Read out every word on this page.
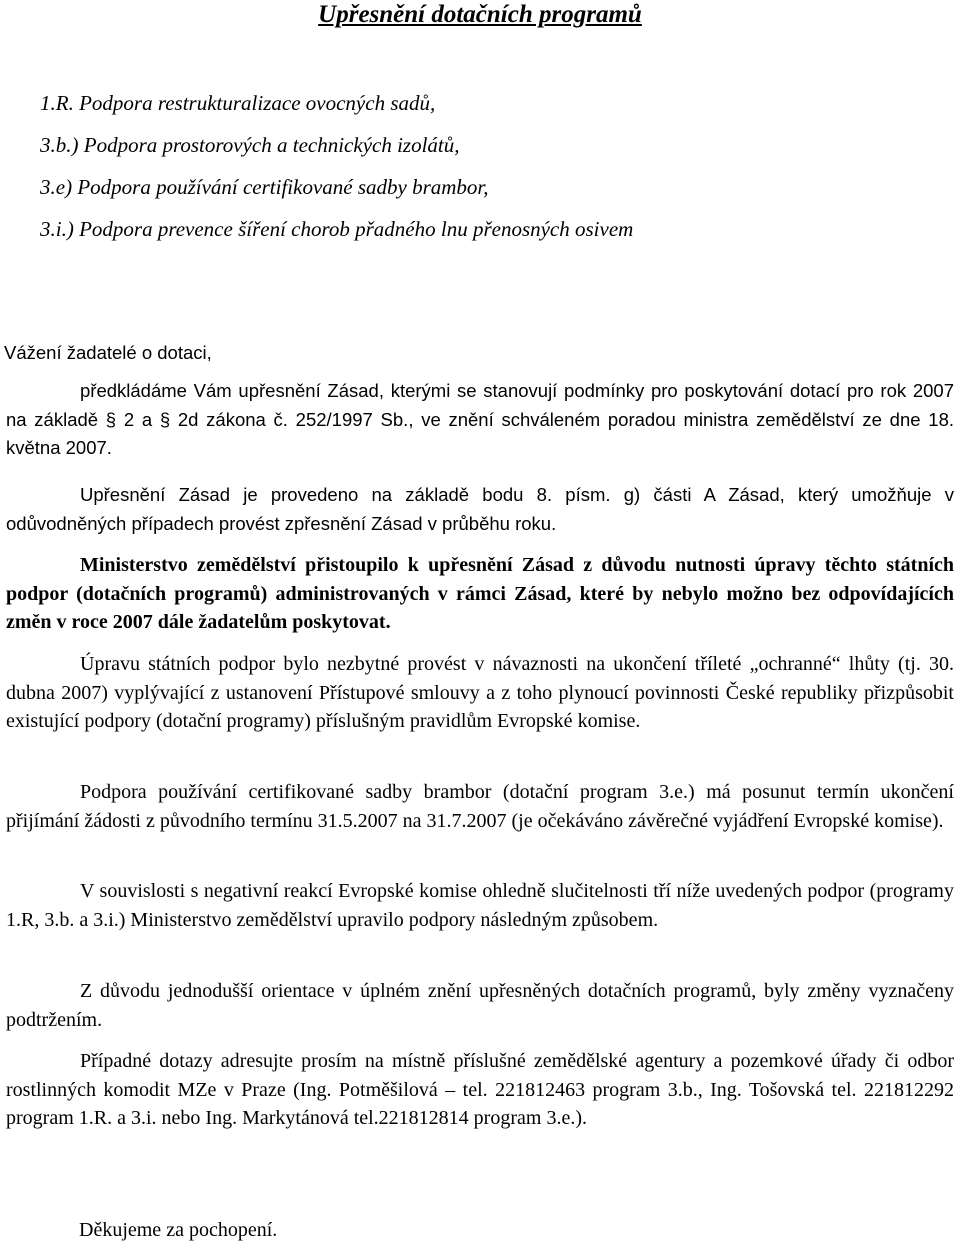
Upřesnění dotačních programů

1.R. Podpora restrukturalizace ovocných sadů,

3.b.) Podpora prostorových a technických izolátů,

3.e) Podpora používání certifikované sadby brambor,

3.i.) Podpora prevence šíření chorob přadného lnu přenosných osivem

Vážení žadatelé o dotaci,

předkládáme Vám upřesnění Zásad, kterými se stanovují podmínky pro poskytování dotací pro rok 2007 na základě § 2 a § 2d zákona č. 252/1997 Sb., ve znění schváleném poradou ministra zemědělství ze dne 18. května 2007.

Upřesnění Zásad je provedeno na základě bodu 8. písm. g) části A Zásad, který umožňuje v odůvodněných případech provést zpřesnění Zásad v průběhu roku.

Ministerstvo zemědělství přistoupilo k upřesnění Zásad z důvodu nutnosti úpravy těchto státních podpor (dotačních programů) administrovaných v rámci Zásad, které by nebylo možno bez odpovídajících změn v roce 2007 dále žadatelům poskytovat.

Úpravu státních podpor bylo nezbytné provést v návaznosti na ukončení tříleté „ochranné“ lhůty (tj. 30. dubna 2007) vyplývající z ustanovení Přístupové smlouvy a z toho plynoucí povinnosti České republiky přizpůsobit existující podpory (dotační programy) příslušným pravidlům Evropské komise.

Podpora používání certifikované sadby brambor (dotační program 3.e.) má posunut termín ukončení přijímání žádosti z původního termínu 31.5.2007 na 31.7.2007 (je očekáváno závěrečné vyjádření Evropské komise).

V souvislosti s negativní reakcí Evropské komise ohledně slučitelnosti tří níže uvedených podpor (programy 1.R, 3.b. a 3.i.) Ministerstvo zemědělství upravilo podpory následným způsobem.

Z důvodu jednodušší orientace v úplném znění upřesněných dotačních programů, byly změny vyznačeny podtržením.

Případné dotazy adresujte prosím na místně příslušné zemědělské agentury a pozemkové úřady či odbor rostlinných komodit MZe v Praze (Ing. Potměšilová – tel. 221812463 program 3.b., Ing. Tošovská tel. 221812292 program 1.R. a 3.i. nebo Ing. Markytánová tel.221812814 program 3.e.).

Děkujeme za pochopení.
